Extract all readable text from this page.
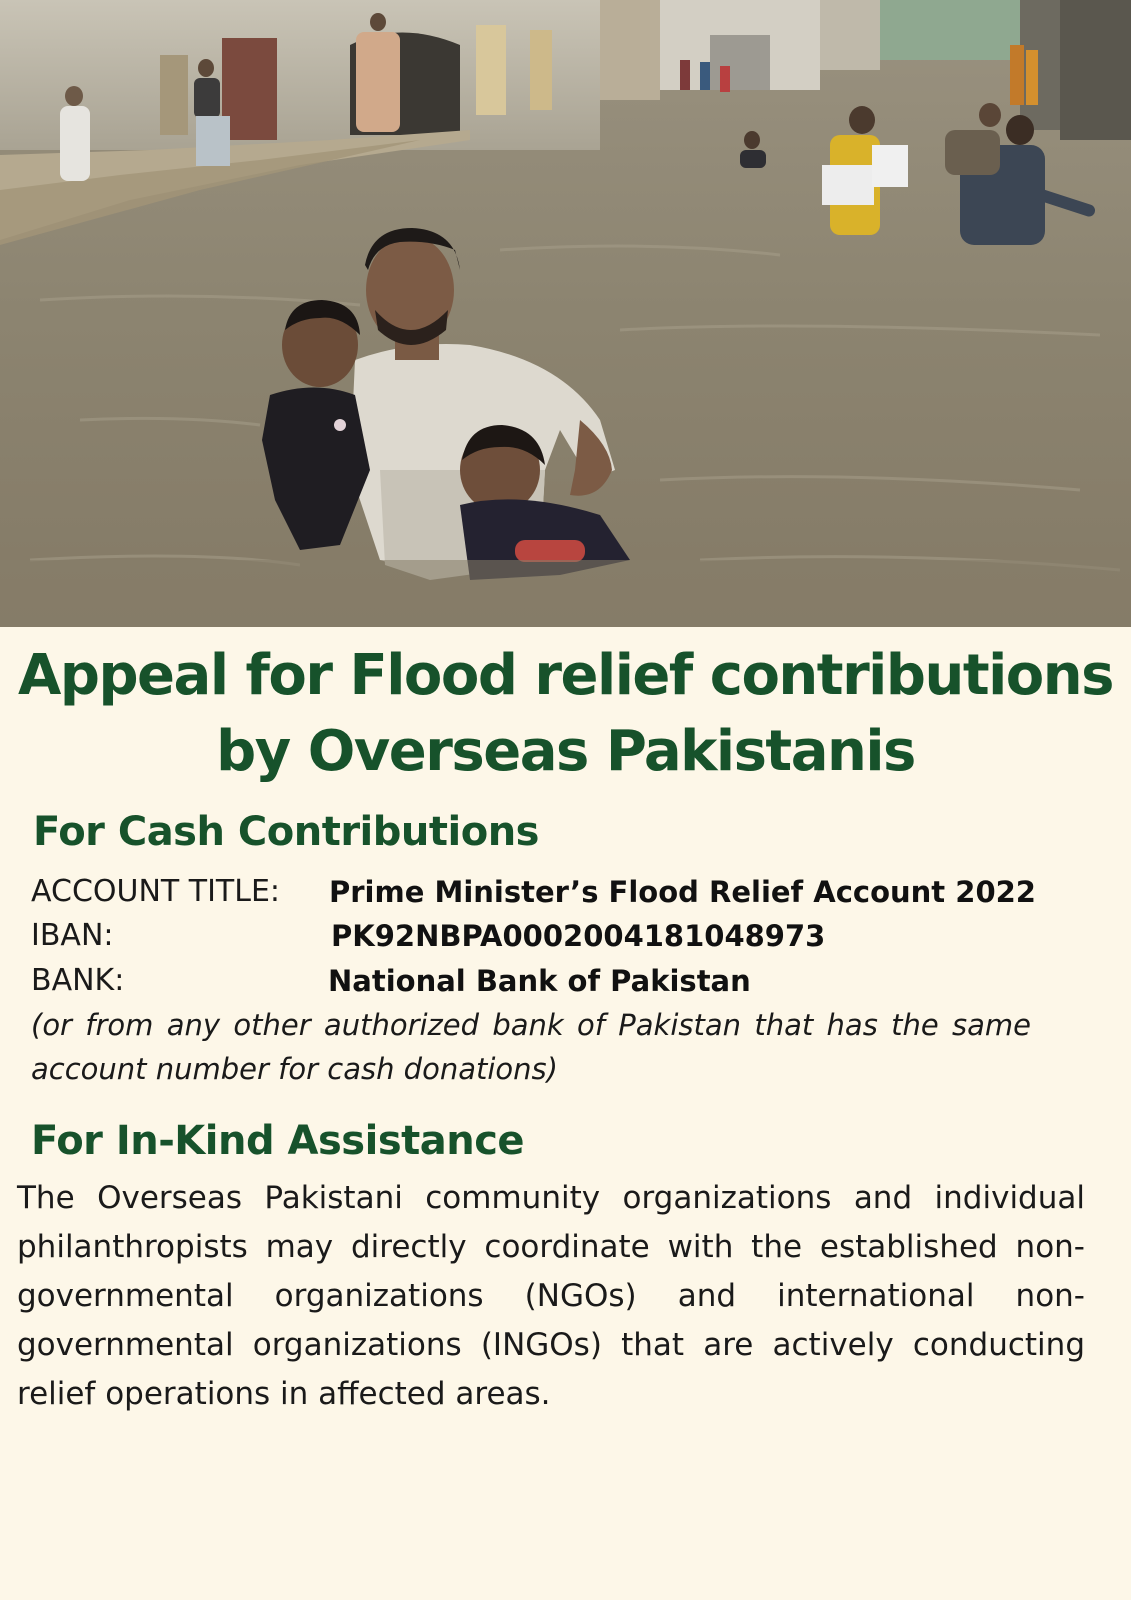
Appeal for Flood relief contributions
by Overseas Pakistanis
For Cash Contributions
ACCOUNT TITLE: Prime Minister’s Flood Relief Account 2022
IBAN:	PK92NBPA0002004181048973
BANK:	National Bank of Pakistan

(or from any other authorized bank of Pakistan that has the same account number for cash donations)

For In-Kind Assistance

The Overseas Pakistani community organizations and individual philanthropists may directly coordinate with the established non-governmental organizations (NGOs) and international non-governmental organizations (INGOs) that are actively conducting relief operations in affected areas.
